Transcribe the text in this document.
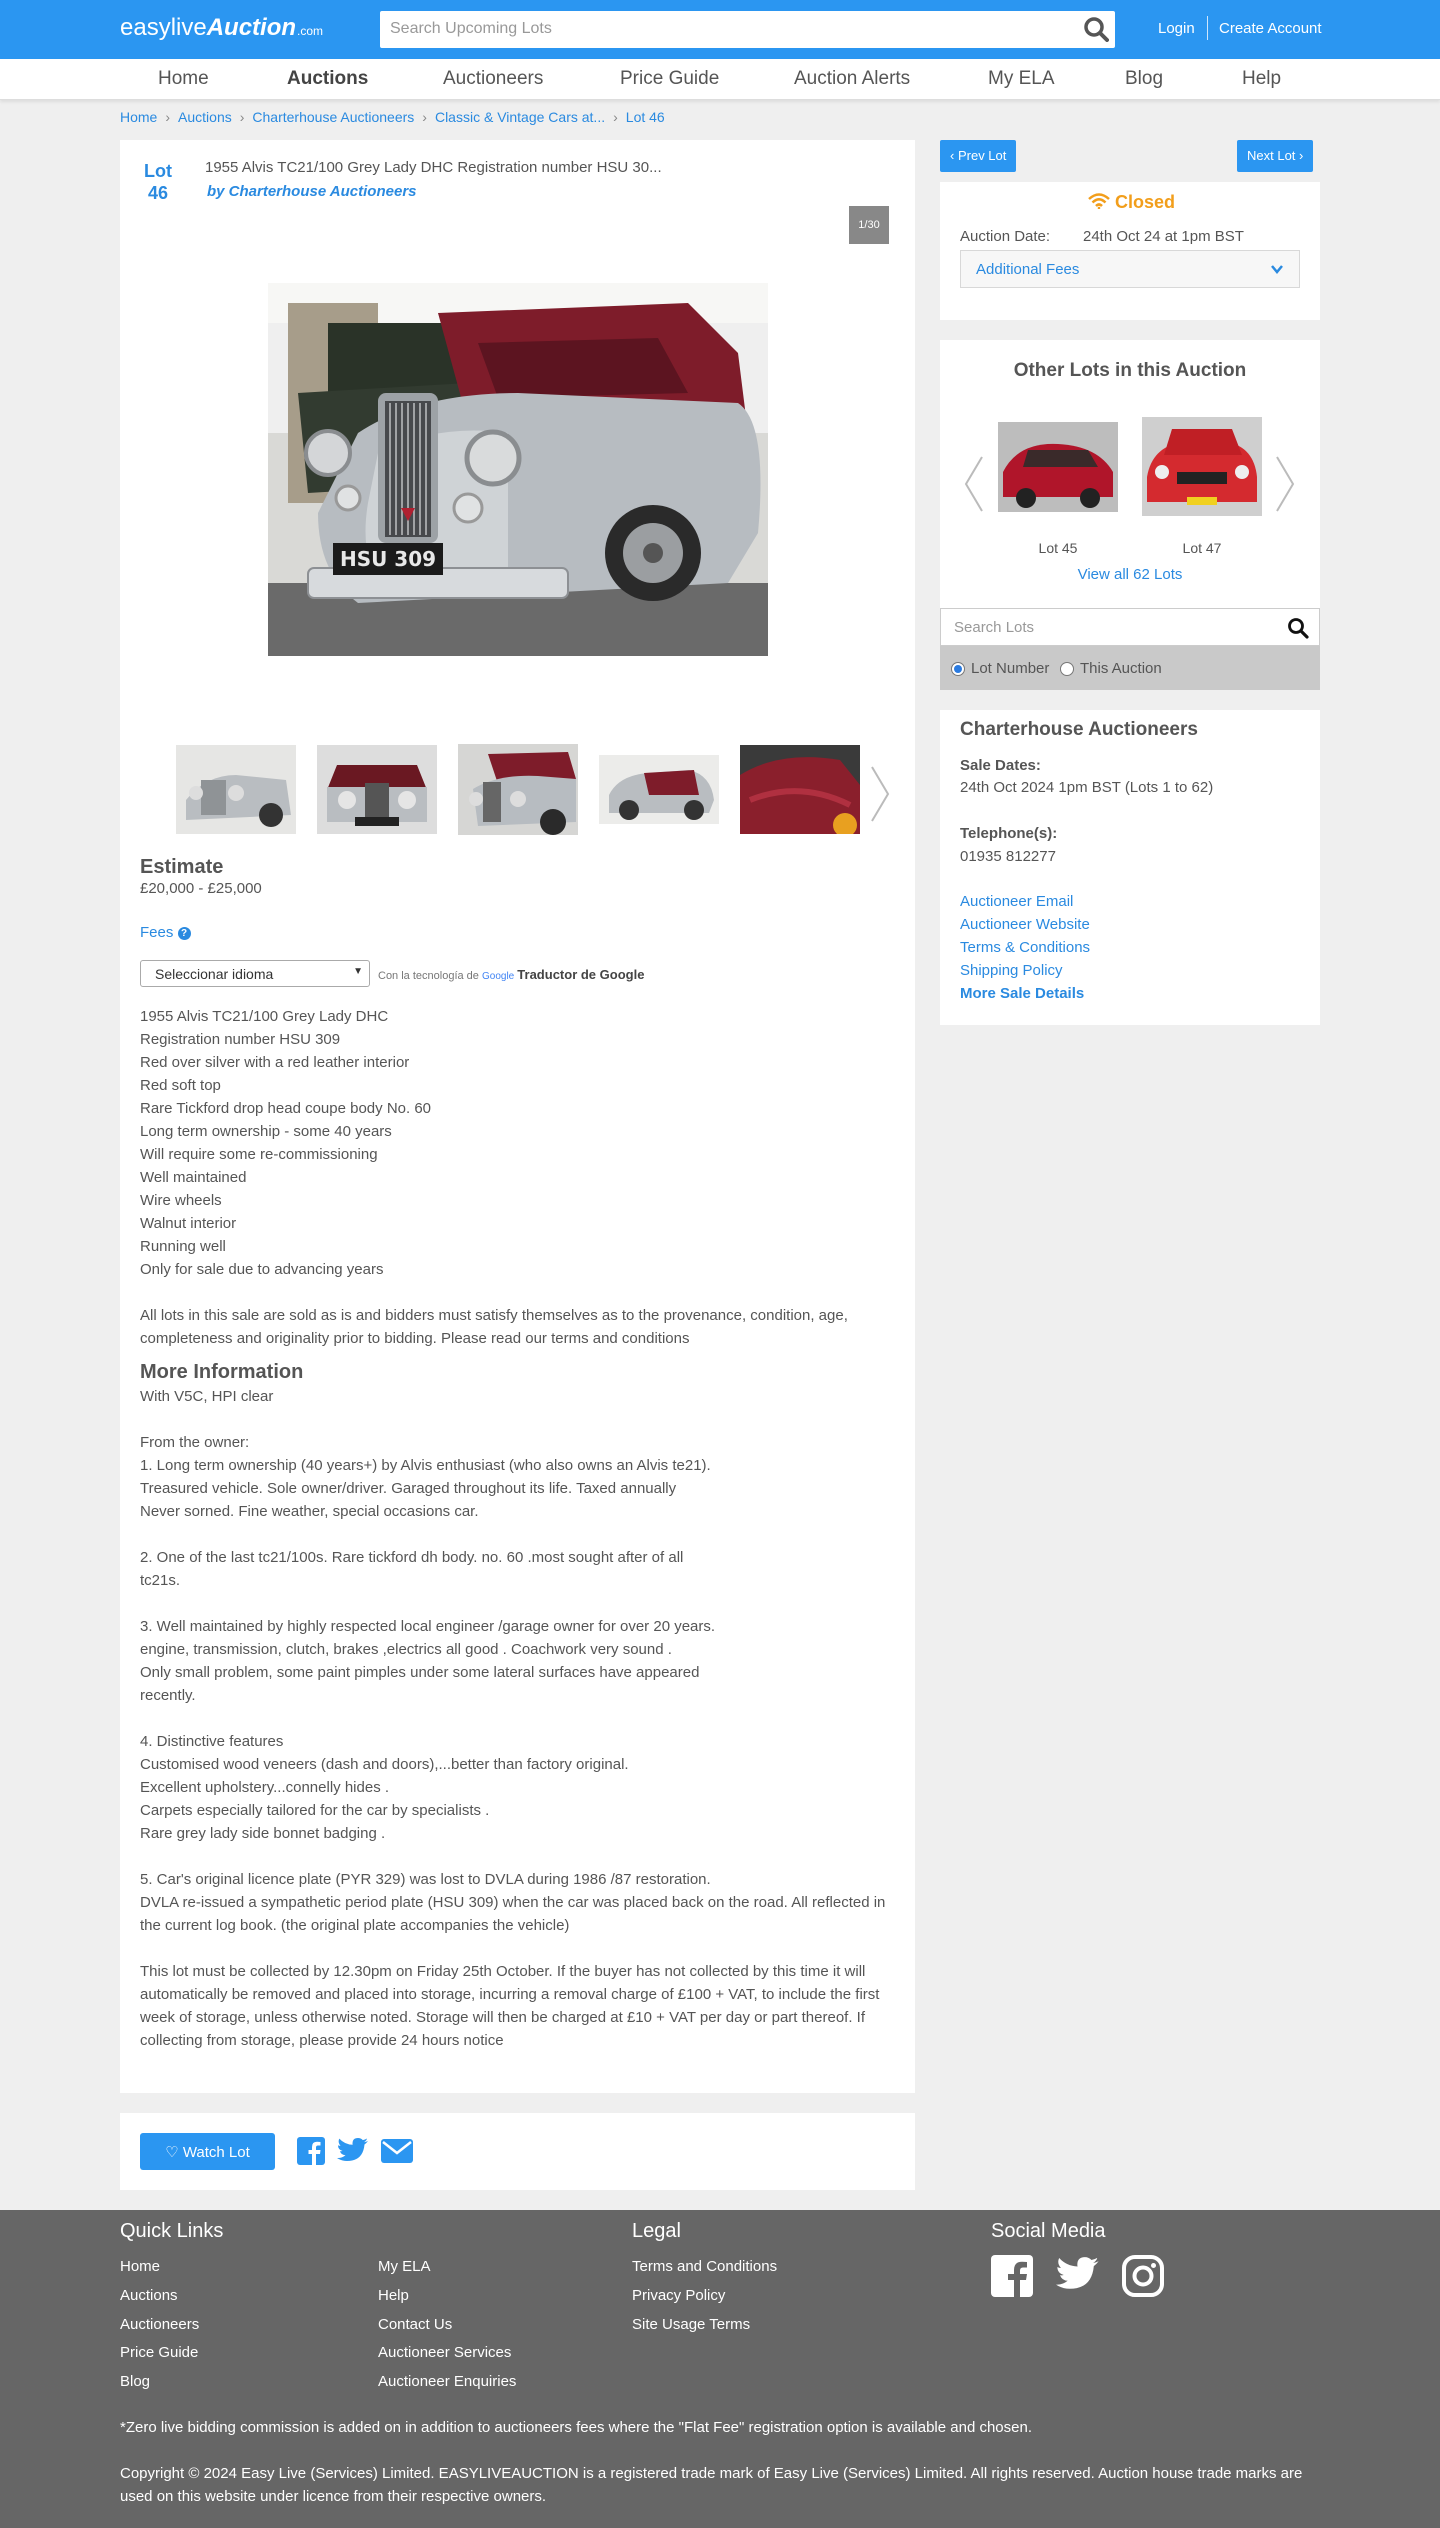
easylive Auction .com	Search Upcoming Lots	Login Create Account
Home	Auctions	Auctioneers	Price Guide	Auction Alerts	My ELA	Blog	Help
Home › Auctions › Charterhouse Auctioneers › Classic & Vintage Cars at... › Lot 46
Lot
46
1955 Alvis TC21/100 Grey Lady DHC Registration number HSU 30...
by Charterhouse Auctioneers
1/30
HSU 309
Estimate
£20,000 - £25,000
Fees ?
Seleccionar idioma	▼ Con la tecnología de Google Traductor de Google

1955 Alvis TC21/100 Grey Lady DHC

Registration number HSU 309

Red over silver with a red leather interior

Red soft top

Rare Tickford drop head coupe body No. 60

Long term ownership - some 40 years

Will require some re-commissioning

Well maintained

Wire wheels

Walnut interior

Running well

Only for sale due to advancing years

All lots in this sale are sold as is and bidders must satisfy themselves as to the provenance, condition, age, completeness and originality prior to bidding. Please read our terms and conditions

More Information

With V5C, HPI clear

From the owner:

1. Long term ownership (40 years+) by Alvis enthusiast (who also owns an Alvis te21).

Treasured vehicle. Sole owner/driver. Garaged throughout its life. Taxed annually

Never sorned. Fine weather, special occasions car.

2. One of the last tc21/100s. Rare tickford dh body. no. 60 .most sought after of all

tc21s.

3. Well maintained by highly respected local engineer /garage owner for over 20 years.

engine, transmission, clutch, brakes ,electrics all good . Coachwork very sound .

Only small problem, some paint pimples under some lateral surfaces have appeared

recently.

4. Distinctive features

Customised wood veneers (dash and doors),...better than factory original.

Excellent upholstery...connelly hides .

Carpets especially tailored for the car by specialists .

Rare grey lady side bonnet badging .

5. Car's original licence plate (PYR 329) was lost to DVLA during 1986 /87 restoration.

DVLA re-issued a sympathetic period plate (HSU 309) when the car was placed back on the road. All reflected in

the current log book. (the original plate accompanies the vehicle)

This lot must be collected by 12.30pm on Friday 25th October. If the buyer has not collected by this time it will

automatically be removed and placed into storage, incurring a removal charge of £100 + VAT, to include the first

week of storage, unless otherwise noted. Storage will then be charged at £10 + VAT per day or part thereof. If

collecting from storage, please provide 24 hours notice

♡ Watch Lot
‹ Prev Lot	Next Lot ›
Closed
Auction Date: 24th Oct 24 at 1pm BST
Additional Fees
Other Lots in this Auction
Lot 45	Lot 47
View all 62 Lots
Search Lots
Lot Number This Auction
Charterhouse Auctioneers
Sale Dates:
24th Oct 2024 1pm BST (Lots 1 to 62)
Telephone(s):
01935 812277
Auctioneer Email
Auctioneer Website
Terms & Conditions
Shipping Policy
More Sale Details
Quick Links
Home
Auctions
Auctioneers
Price Guide
Blog
My ELA
Help
Contact Us
Auctioneer Services
Auctioneer Enquiries
Legal
Terms and Conditions
Privacy Policy
Site Usage Terms
Social Media
*Zero live bidding commission is added on in addition to auctioneers fees where the "Flat Fee" registration option is available and chosen.
Copyright © 2024 Easy Live (Services) Limited. EASYLIVEAUCTION is a registered trade mark of Easy Live (Services) Limited. All rights reserved. Auction house trade marks are used on this website under licence from their respective owners.
